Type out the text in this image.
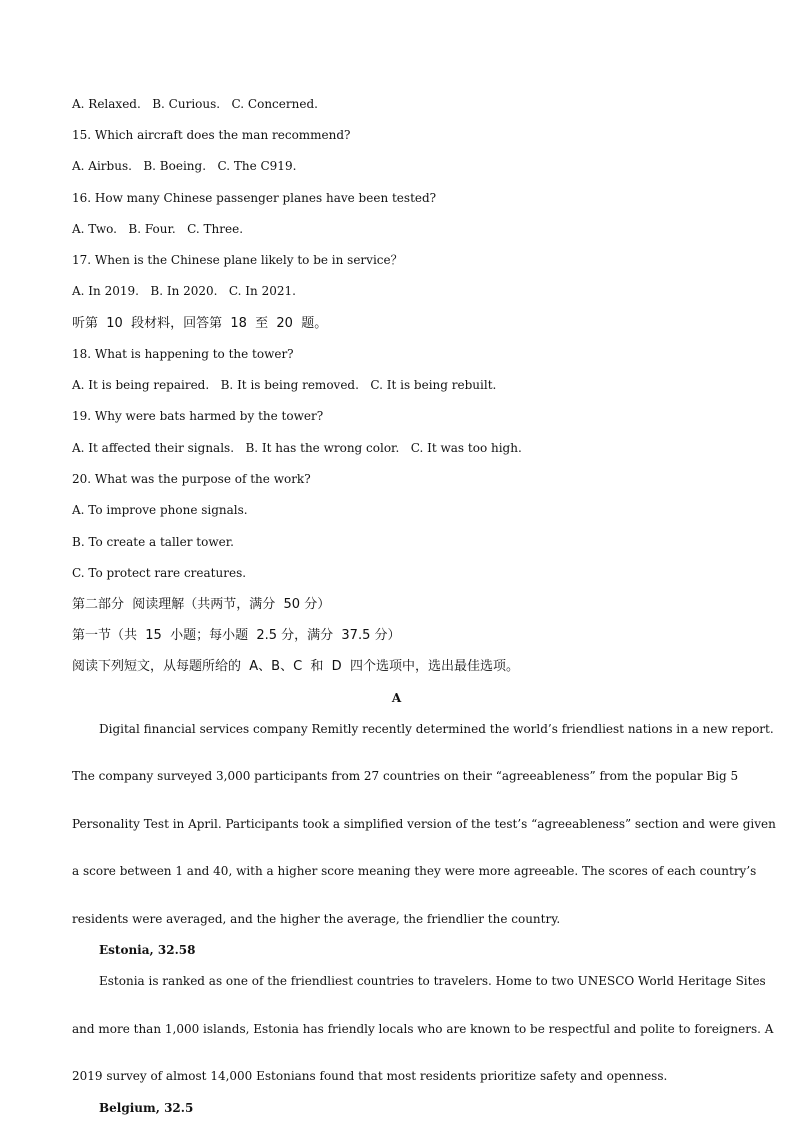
A. Relaxed.   B. Curious.   C. Concerned.
15. Which aircraft does the man recommend?
A. Airbus.   B. Boeing.   C. The C919.
16. How many Chinese passenger planes have been tested?
A. Two.   B. Four.   C. Three.
17. When is the Chinese plane likely to be in service？
A. In 2019.   B. In 2020.   C. In 2021.
听第  10  段材料，回答第  18  至  20  题。
18. What is happening to the tower?
A. It is being repaired.   B. It is being removed.   C. It is being rebuilt.
19. Why were bats harmed by the tower?
A. It affected their signals.   B. It has the wrong color.   C. It was too high.
20. What was the purpose of the work?
A. To improve phone signals.
B. To create a taller tower.
C. To protect rare creatures.
第二部分  阅读理解（共两节，满分  50 分）
第一节（共  15  小题；每小题  2.5 分，满分  37.5 分）
阅读下列短文，从每题所给的  A、B、C  和  D  四个选项中，选出最佳选项。
A
Digital financial services company Remitly recently determined the world’s friendliest nations in a new report.
The company surveyed 3,000 participants from 27 countries on their “agreeableness” from the popular Big 5
Personality Test in April. Participants took a simplified version of the test’s “agreeableness” section and were given
a score between 1 and 40, with a higher score meaning they were more agreeable. The scores of each country’s
residents were averaged, and the higher the average, the friendlier the country.
Estonia, 32.58
Estonia is ranked as one of the friendliest countries to travelers. Home to two UNESCO World Heritage Sites
and more than 1,000 islands, Estonia has friendly locals who are known to be respectful and polite to foreigners. A
2019 survey of almost 14,000 Estonians found that most residents prioritize safety and openness.
Belgium, 32.5
